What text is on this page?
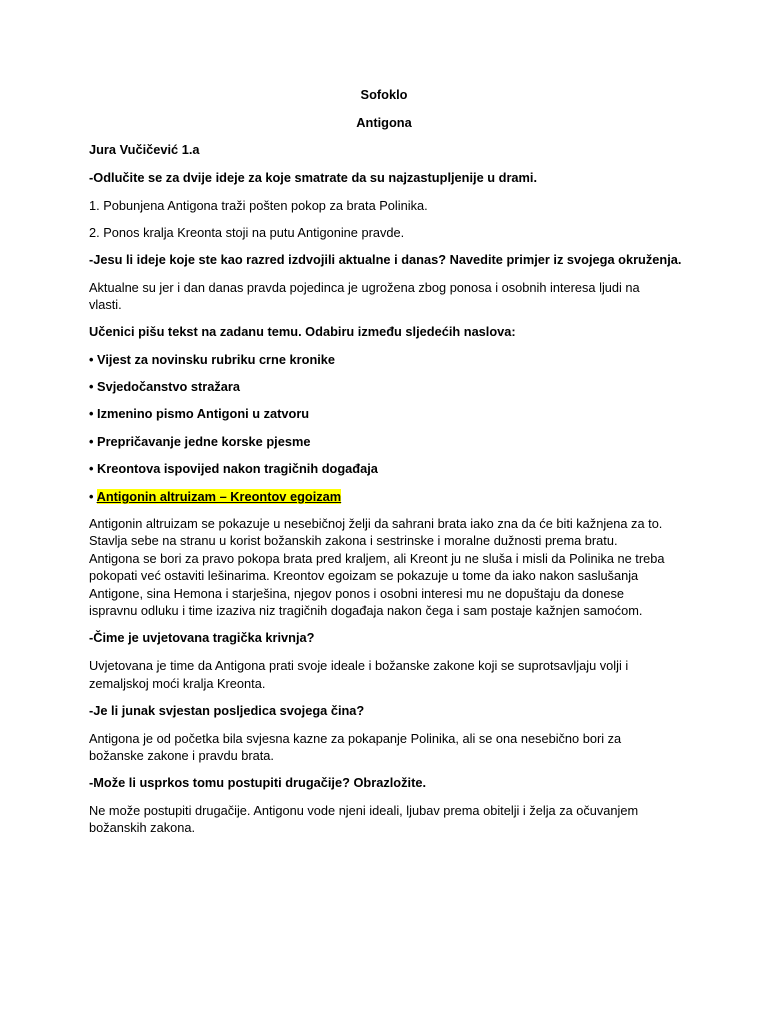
Sofoklo
Antigona
Jura Vučičević 1.a
-Odlučite se za dvije ideje za koje smatrate da su najzastupljenije u drami.
1. Pobunjena Antigona traži pošten pokop za brata Polinika.
2. Ponos kralja Kreonta stoji na putu Antigonine pravde.
-Jesu li ideje koje ste kao razred izdvojili aktualne i danas? Navedite primjer iz svojega okruženja.
Aktualne su jer i dan danas pravda pojedinca je ugrožena zbog ponosa i osobnih interesa ljudi na
vlasti.
Učenici pišu tekst na zadanu temu. Odabiru između sljedećih naslova:
• Vijest za novinsku rubriku crne kronike
• Svjedočanstvo stražara
• Izmenino pismo Antigoni u zatvoru
• Prepričavanje jedne korske pjesme
• Kreontova ispovijed nakon tragičnih događaja
• Antigonin altruizam – Kreontov egoizam
Antigonin altruizam se pokazuje u nesebičnoj želji da sahrani brata iako zna da će biti kažnjena za to.
Stavlja sebe na stranu u korist božanskih zakona i sestrinske i moralne dužnosti prema bratu.
Antigona se bori za pravo pokopa brata pred kraljem, ali Kreont ju ne sluša i misli da Polinika ne treba
pokopati već ostaviti lešinarima. Kreontov egoizam se pokazuje u tome da iako nakon saslušanja
Antigone, sina Hemona i starješina, njegov ponos i osobni interesi mu ne dopuštaju da donese
ispravnu odluku i time izaziva niz tragičnih događaja nakon čega i sam postaje kažnjen samoćom.
-Čime je uvjetovana tragička krivnja?
Uvjetovana je time da Antigona prati svoje ideale i božanske zakone koji se suprotsavljaju volji i
zemaljskoj moći kralja Kreonta.
-Je li junak svjestan posljedica svojega čina?
Antigona je od početka bila svjesna kazne za pokapanje Polinika, ali se ona nesebično bori za
božanske zakone i pravdu brata.
-Može li usprkos tomu postupiti drugačije? Obrazložite.
Ne može postupiti drugačije. Antigonu vode njeni ideali, ljubav prema obitelji i želja za očuvanjem
božanskih zakona.
